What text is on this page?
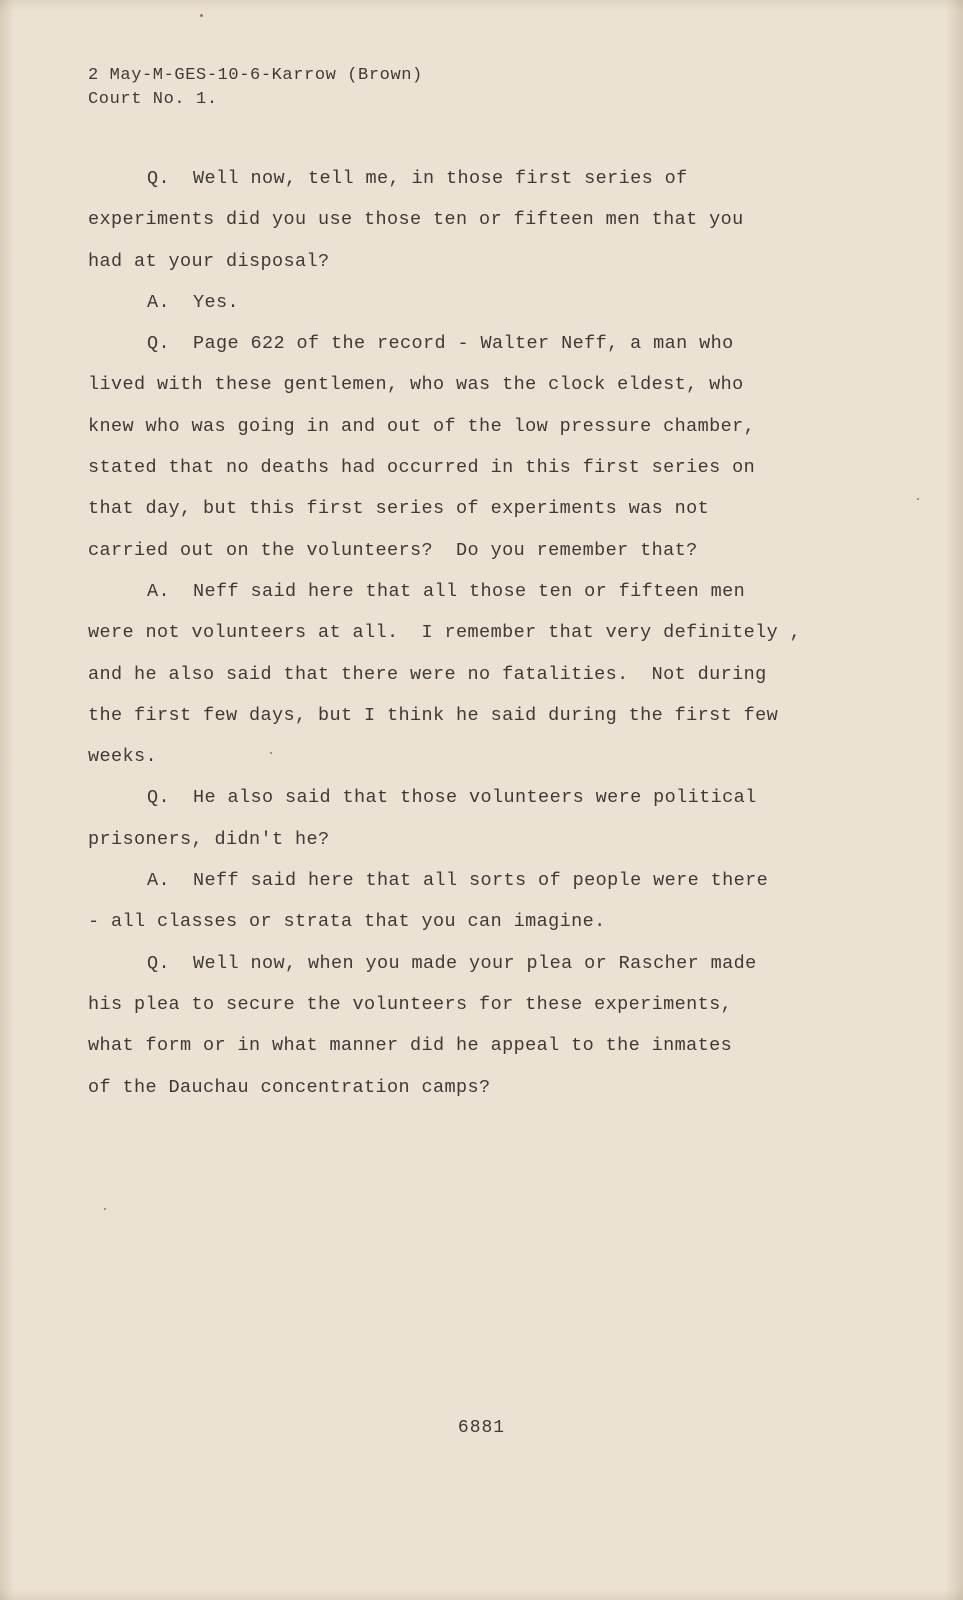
2 May-M-GES-10-6-Karrow (Brown)
Court No. 1.
Q.  Well now, tell me, in those first series of
experiments did you use those ten or fifteen men that you
had at your disposal?
A.  Yes.
Q.  Page 622 of the record - Walter Neff, a man who
lived with these gentlemen, who was the clock eldest, who
knew who was going in and out of the low pressure chamber,
stated that no deaths had occurred in this first series on
that day, but this first series of experiments was not
carried out on the volunteers?  Do you remember that?
A.  Neff said here that all those ten or fifteen men
were not volunteers at all.  I remember that very definitely ,
and he also said that there were no fatalities.  Not during
the first few days, but I think he said during the first few
weeks.
Q.  He also said that those volunteers were political
prisoners, didn't he?
A.  Neff said here that all sorts of people were there
- all classes or strata that you can imagine.
Q.  Well now, when you made your plea or Rascher made
his plea to secure the volunteers for these experiments,
what form or in what manner did he appeal to the inmates
of the Dauchau concentration camps?
6881
